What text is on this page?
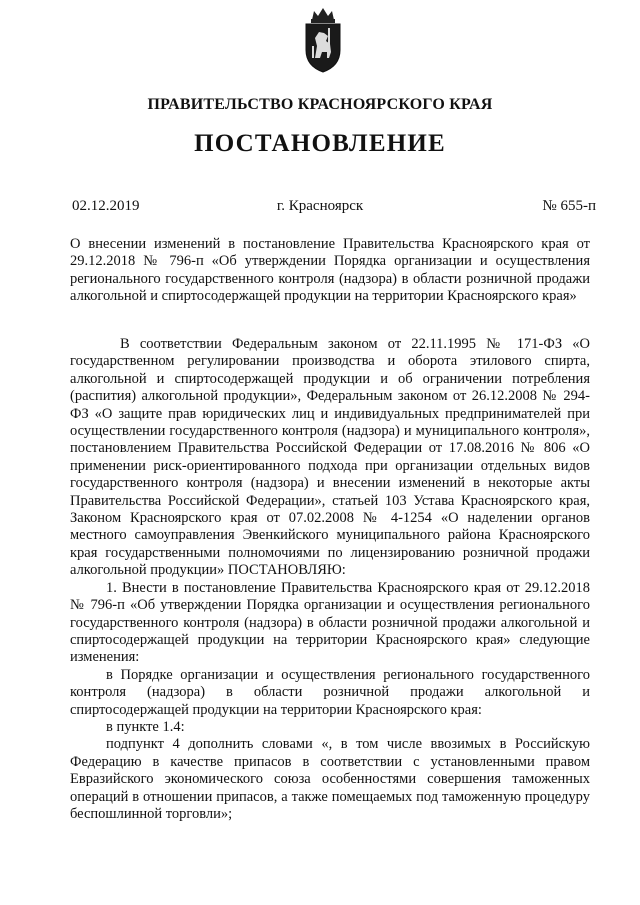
ПРАВИТЕЛЬСТВО КРАСНОЯРСКОГО КРАЯ
ПОСТАНОВЛЕНИЕ
02.12.2019	г. Красноярск	№ 655-п
О внесении изменений в постановление Правительства Красноярского края от 29.12.2018 № 796-п «Об утверждении Порядка организации и осуществления регионального государственного контроля (надзора) в области розничной продажи алкогольной и спиртосодержащей продукции на территории Красноярского края»

В соответствии Федеральным законом от 22.11.1995 № 171-ФЗ «О государственном регулировании производства и оборота этилового спирта, алкогольной и спиртосодержащей продукции и об ограничении потребления (распития) алкогольной продукции», Федеральным законом от 26.12.2008 № 294-ФЗ «О защите прав юридических лиц и индивидуальных предпринимателей при осуществлении государственного контроля (надзора) и муниципального контроля», постановлением Правительства Российской Федерации от 17.08.2016 № 806 «О применении риск-ориентированного подхода при организации отдельных видов государственного контроля (надзора) и внесении изменений в некоторые акты Правительства Российской Федерации», статьей 103 Устава Красноярского края, Законом Красноярского края от 07.02.2008 № 4-1254 «О наделении органов местного самоуправления Эвенкийского муниципального района Красноярского края государственными полномочиями по лицензированию розничной продажи алкогольной продукции» ПОСТАНОВЛЯЮ:

1. Внести в постановление Правительства Красноярского края от 29.12.2018 № 796-п «Об утверждении Порядка организации и осуществления регионального государственного контроля (надзора) в области розничной продажи алкогольной и спиртосодержащей продукции на территории Красноярского края» следующие изменения:

в Порядке организации и осуществления регионального государственного контроля (надзора) в области розничной продажи алкогольной и спиртосодержащей продукции на территории Красноярского края:

в пункте 1.4:

подпункт 4 дополнить словами «, в том числе ввозимых в Российскую Федерацию в качестве припасов в соответствии с установленными правом Евразийского экономического союза особенностями совершения таможенных операций в отношении припасов, а также помещаемых под таможенную процедуру беспошлинной торговли»;
